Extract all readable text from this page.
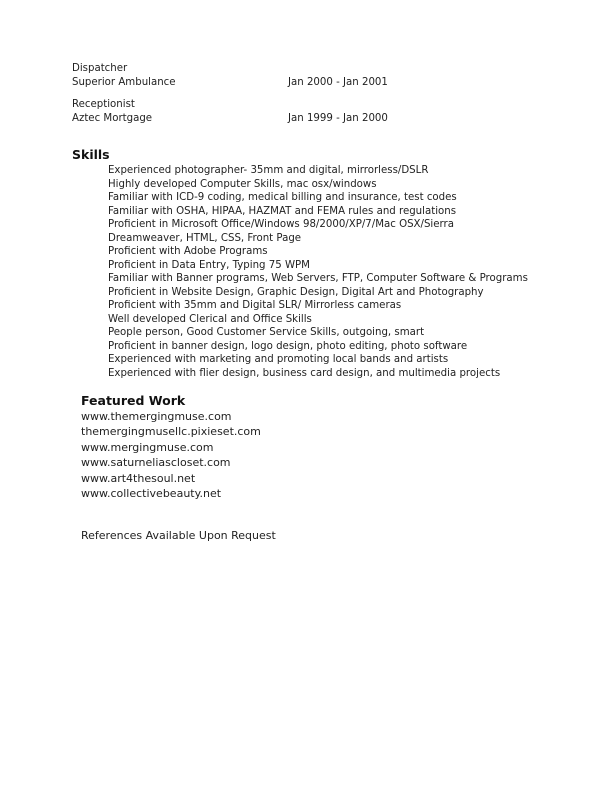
Dispatcher
Superior Ambulance	Jan 2000 - Jan 2001
Receptionist
Aztec Mortgage	Jan 1999 - Jan 2000
Skills
Experienced photographer- 35mm and digital, mirrorless/DSLR
Highly developed Computer Skills, mac osx/windows
Familiar with ICD-9 coding, medical billing and insurance, test codes
Familiar with OSHA, HIPAA, HAZMAT and FEMA rules and regulations
Proficient in Microsoft Office/Windows 98/2000/XP/7/Mac OSX/Sierra
Dreamweaver, HTML, CSS, Front Page
Proficient with Adobe Programs
Proficient in Data Entry, Typing 75 WPM
Familiar with Banner programs, Web Servers, FTP, Computer Software & Programs
Proficient in Website Design, Graphic Design, Digital Art and Photography
Proficient with 35mm and Digital SLR/ Mirrorless cameras
Well developed Clerical and Office Skills
People person, Good Customer Service Skills, outgoing, smart
Proficient in banner design, logo design, photo editing, photo software
Experienced with marketing and promoting local bands and artists
Experienced with flier design, business card design, and multimedia projects
Featured Work
www.themergingmuse.com
themergingmusellc.pixieset.com
www.mergingmuse.com
www.saturneliascloset.com
www.art4thesoul.net
www.collectivebeauty.net
References Available Upon Request
